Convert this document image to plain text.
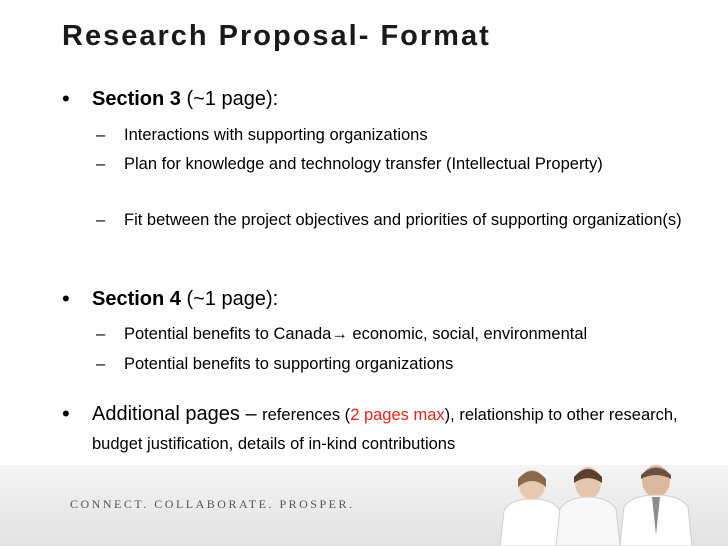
Research Proposal- Format
• Section 3 (~1 page):
– Interactions with supporting organizations
– Plan for knowledge and technology transfer (Intellectual Property)
– Fit between the project objectives and priorities of supporting organization(s)
• Section 4 (~1 page):
– Potential benefits to Canada→ economic, social, environmental
– Potential benefits to supporting organizations
• Additional pages – references (2 pages max), relationship to other research, budget justification, details of in-kind contributions
CONNECT. COLLABORATE. PROSPER.
